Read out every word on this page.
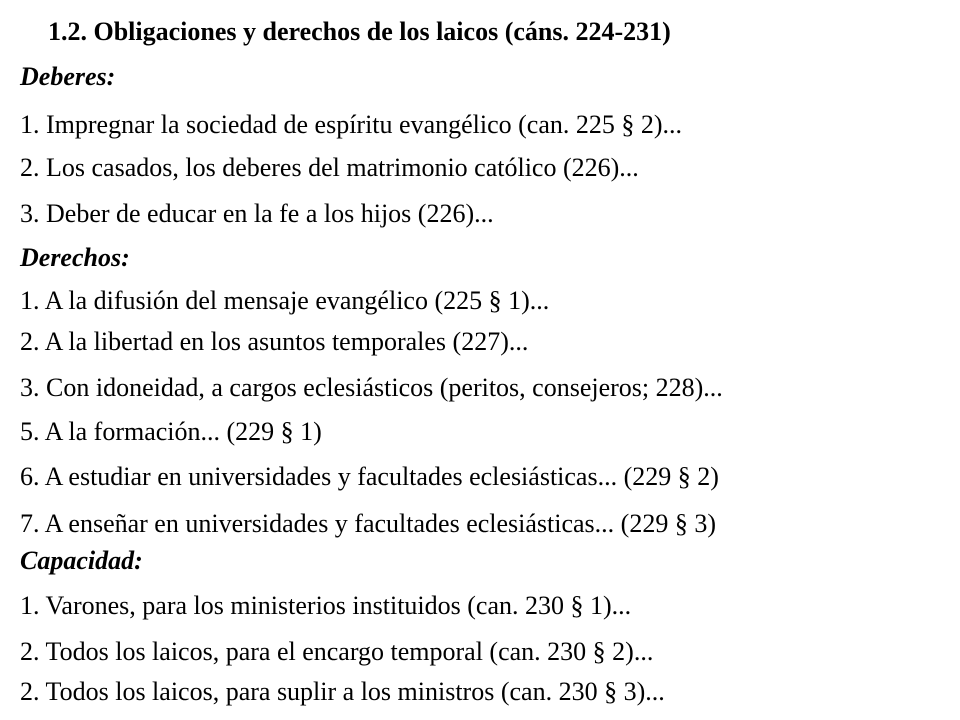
1.2. Obligaciones y derechos de los laicos (cáns. 224-231)
Deberes:

1. Impregnar la sociedad de espíritu evangélico (can. 225 § 2)...

2. Los casados, los deberes del matrimonio católico (226)...

3. Deber de educar en la fe a los hijos (226)...

Derechos:

1. A la difusión del mensaje evangélico (225 § 1)...

2. A la libertad en los asuntos temporales (227)...

3. Con idoneidad, a cargos eclesiásticos (peritos, consejeros; 228)...

5. A la formación... (229 § 1)

6. A estudiar en universidades y facultades eclesiásticas... (229 § 2)

7. A enseñar en universidades y facultades eclesiásticas... (229 § 3)

Capacidad:

1. Varones, para los ministerios instituidos (can. 230 § 1)...

2. Todos los laicos, para el encargo temporal (can. 230 § 2)...

2. Todos los laicos, para suplir a los ministros (can. 230 § 3)...
